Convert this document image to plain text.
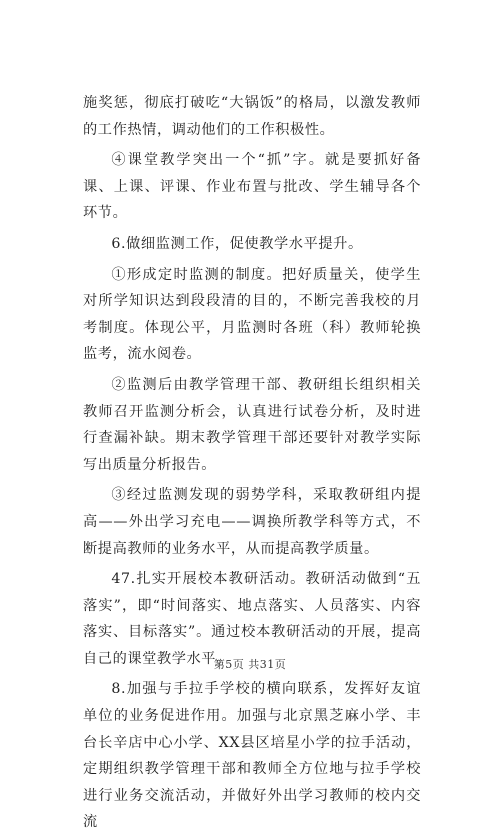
施奖惩，彻底打破吃“大锅饭”的格局，以激发教师的工作热情，调动他们的工作积极性。

④课堂教学突出一个“抓”字。就是要抓好备课、上课、评课、作业布置与批改、学生辅导各个环节。

6.做细监测工作，促使教学水平提升。

①形成定时监测的制度。把好质量关，使学生对所学知识达到段段清的目的，不断完善我校的月考制度。体现公平，月监测时各班（科）教师轮换监考，流水阅卷。

②监测后由教学管理干部、教研组长组织相关教师召开监测分析会，认真进行试卷分析，及时进行查漏补缺。期末教学管理干部还要针对教学实际写出质量分析报告。

③经过监测发现的弱势学科，采取教研组内提高——外出学习充电——调换所教学科等方式，不断提高教师的业务水平，从而提高教学质量。

47.扎实开展校本教研活动。教研活动做到“五落实”，即“时间落实、地点落实、人员落实、内容落实、目标落实”。通过校本教研活动的开展，提高自己的课堂教学水平。

8.加强与手拉手学校的横向联系，发挥好友谊单位的业务促进作用。加强与北京黑芝麻小学、丰台长辛店中心小学、XX县区培星小学的拉手活动，定期组织教学管理干部和教师全方位地与拉手学校进行业务交流活动，并做好外出学习教师的校内交流

第5页 共31页
